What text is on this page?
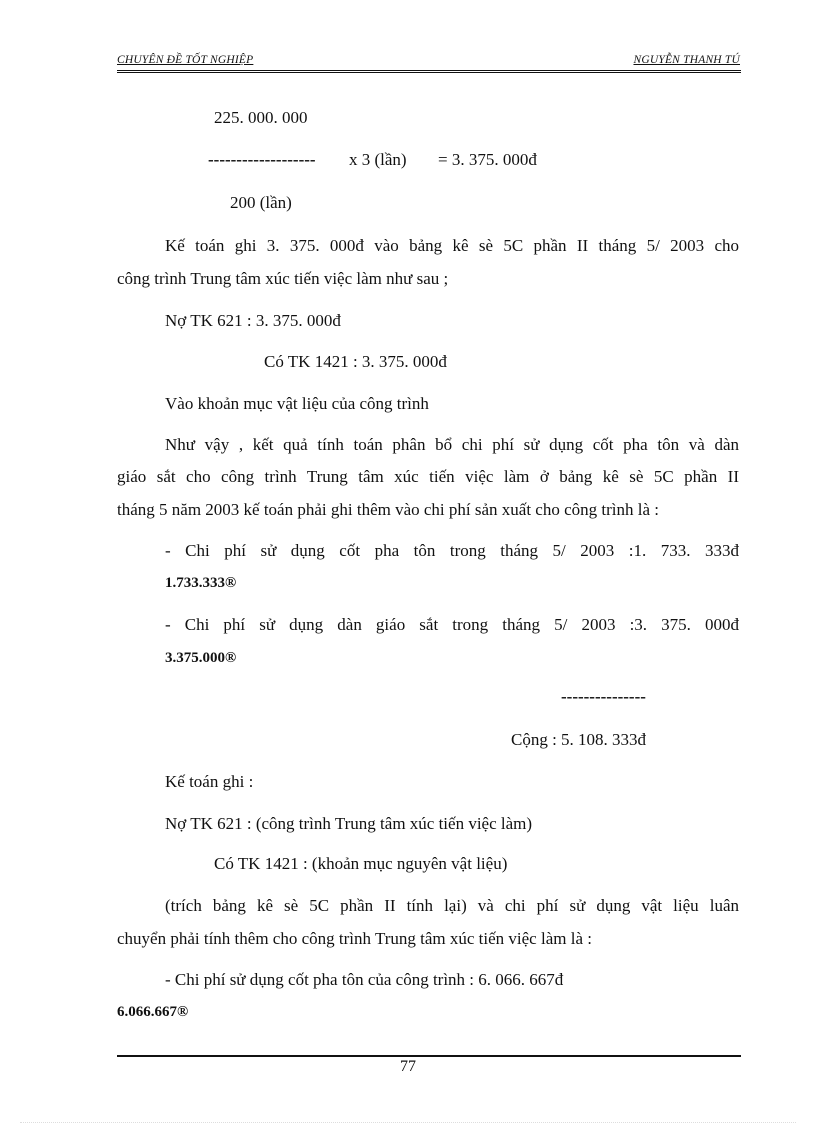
CHUYÊN ĐỀ TỐT NGHIỆP	NGUYỄN THANH TÚ
225. 000. 000
------------------- x 3 (lần) = 3. 375. 000đ
200 (lần)
Kế toán ghi 3. 375. 000đ vào bảng kê sè 5C phần II tháng 5/ 2003 cho
công trình Trung tâm xúc tiến việc làm như sau ;
Nợ TK 621 : 3. 375. 000đ
Có TK 1421 : 3. 375. 000đ
Vào khoản mục vật liệu của công trình
Như vậy , kết quả tính toán phân bổ chi phí sử dụng cốt pha tôn và dàn
giáo sắt cho công trình Trung tâm xúc tiến việc làm ở bảng kê sè 5C phần II
tháng 5 năm 2003 kế toán phải ghi thêm vào chi phí sản xuất cho công trình là :
- Chi phí sử dụng cốt pha tôn trong tháng 5/ 2003 :1. 733. 333đ
1.733.333®
- Chi phí sử dụng dàn giáo sắt trong tháng 5/ 2003 :3. 375. 000đ
3.375.000®
---------------
Cộng : 5. 108. 333đ
Kế toán ghi :
Nợ TK 621 : (công trình Trung tâm xúc tiến việc làm)
Có TK 1421 : (khoản mục nguyên vật liệu)
(trích bảng kê sè 5C phần II tính lại) và chi phí sử dụng vật liệu luân
chuyển phải tính thêm cho công trình Trung tâm xúc tiến việc làm là :
- Chi phí sử dụng cốt pha tôn của công trình : 6. 066. 667đ
6.066.667®
77
